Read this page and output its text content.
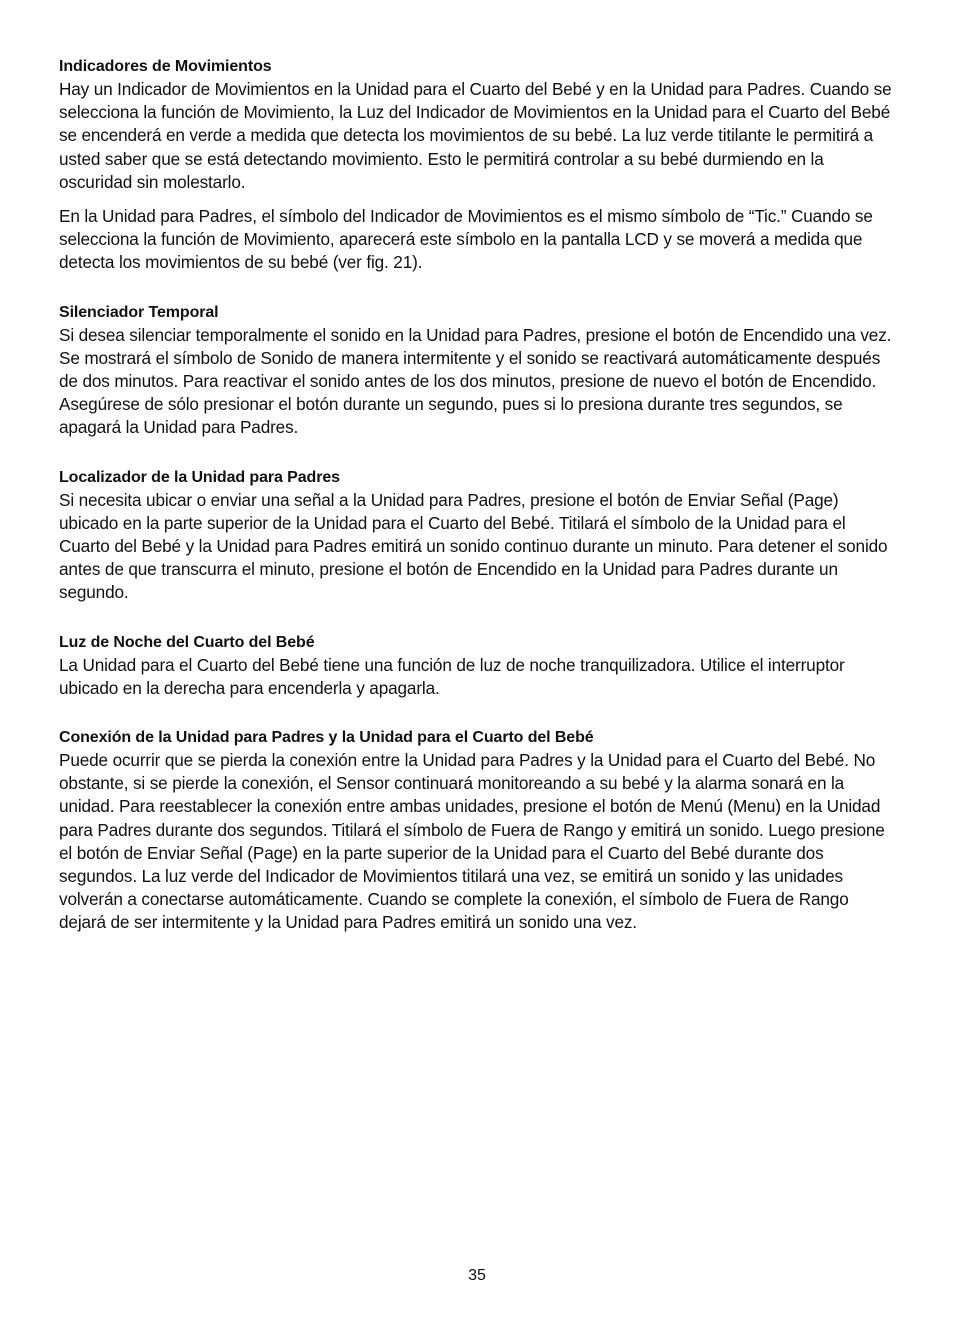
Indicadores de Movimientos

Hay un Indicador de Movimientos en la Unidad para el Cuarto del Bebé y en la Unidad para Padres. Cuando se selecciona la función de Movimiento, la Luz del Indicador de Movimientos en la Unidad para el Cuarto del Bebé se encenderá en verde a medida que detecta los movimientos de su bebé. La luz verde titilante le permitirá a usted saber que se está detectando movimiento. Esto le permitirá controlar a su bebé durmiendo en la oscuridad sin molestarlo.

En la Unidad para Padres, el símbolo del Indicador de Movimientos es el mismo símbolo de “Tic.” Cuando se selecciona la función de Movimiento, aparecerá este símbolo en la pantalla LCD y se moverá a medida que detecta los movimientos de su bebé (ver fig. 21).

Silenciador Temporal

Si desea silenciar temporalmente el sonido en la Unidad para Padres, presione el botón de Encendido una vez. Se mostrará el símbolo de Sonido de manera intermitente y el sonido se reactivará automáticamente después de dos minutos. Para reactivar el sonido antes de los dos minutos, presione de nuevo el botón de Encendido. Asegúrese de sólo presionar el botón durante un segundo, pues si lo presiona durante tres segundos, se apagará la Unidad para Padres.

Localizador de la Unidad para Padres

Si necesita ubicar o enviar una señal a la Unidad para Padres, presione el botón de Enviar Señal (Page) ubicado en la parte superior de la Unidad para el Cuarto del Bebé. Titilará el símbolo de la Unidad para el Cuarto del Bebé y la Unidad para Padres emitirá un sonido continuo durante un minuto. Para detener el sonido antes de que transcurra el minuto, presione el botón de Encendido en la Unidad para Padres durante un segundo.

Luz de Noche del Cuarto del Bebé

La Unidad para el Cuarto del Bebé tiene una función de luz de noche tranquilizadora. Utilice el interruptor ubicado en la derecha para encenderla y apagarla.

Conexión de la Unidad para Padres y la Unidad para el Cuarto del Bebé

Puede ocurrir que se pierda la conexión entre la Unidad para Padres y la Unidad para el Cuarto del Bebé. No obstante, si se pierde la conexión, el Sensor continuará monitoreando a su bebé y la alarma sonará en la unidad. Para reestablecer la conexión entre ambas unidades, presione el botón de Menú (Menu) en la Unidad para Padres durante dos segundos. Titilará el símbolo de Fuera de Rango y emitirá un sonido. Luego presione el botón de Enviar Señal (Page) en la parte superior de la Unidad para el Cuarto del Bebé durante dos segundos. La luz verde del Indicador de Movimientos titilará una vez, se emitirá un sonido y las unidades volverán a conectarse automáticamente. Cuando se complete la conexión, el símbolo de Fuera de Rango dejará de ser intermitente y la Unidad para Padres emitirá un sonido una vez.

35
